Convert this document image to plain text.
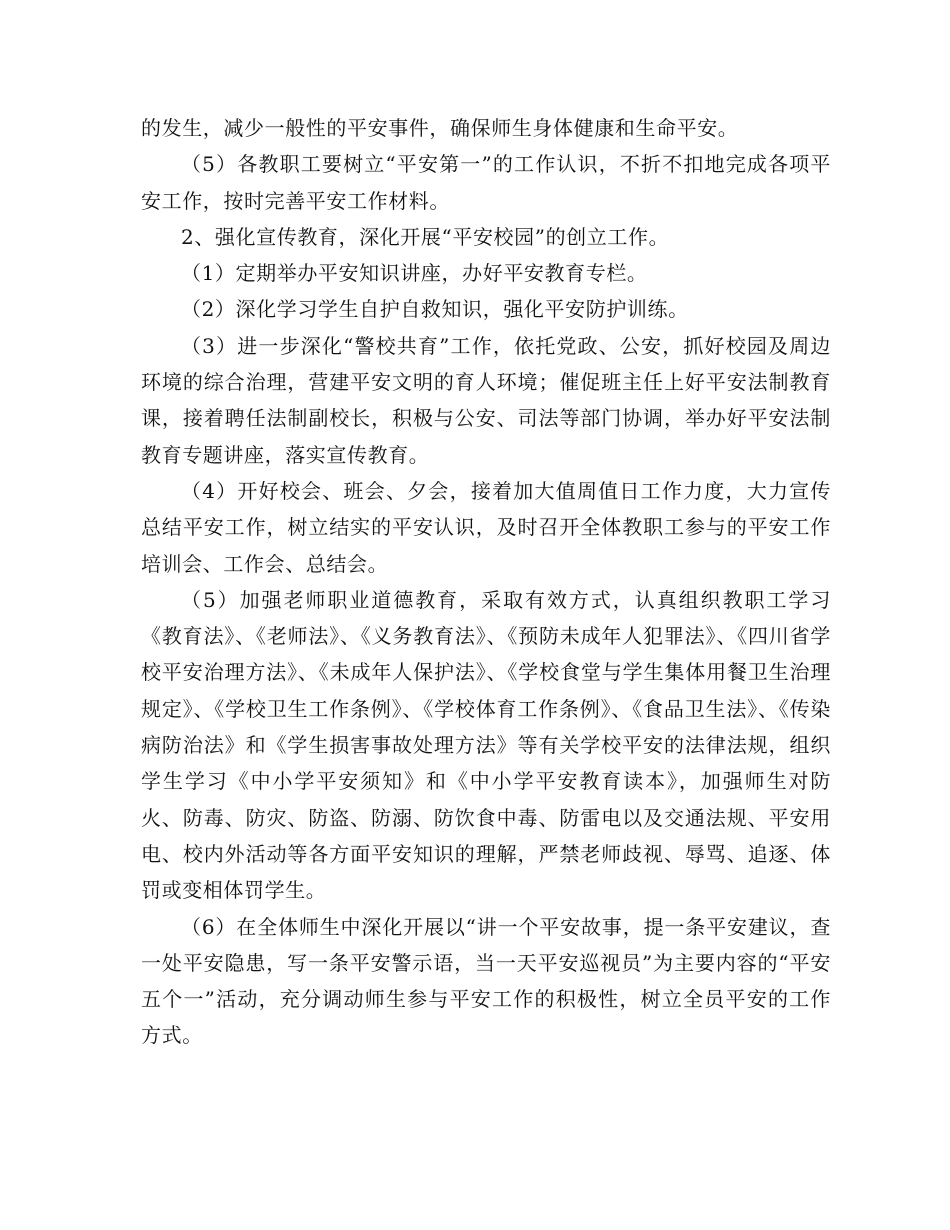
的发生，减少一般性的平安事件，确保师生身体健康和生命平安。

（5）各教职工要树立“平安第一”的工作认识，不折不扣地完成各项平安工作，按时完善平安工作材料。

2、强化宣传教育，深化开展“平安校园”的创立工作。

（1）定期举办平安知识讲座，办好平安教育专栏。

（2）深化学习学生自护自救知识，强化平安防护训练。

（3）进一步深化“警校共育”工作，依托党政、公安，抓好校园及周边环境的综合治理，营建平安文明的育人环境；催促班主任上好平安法制教育课，接着聘任法制副校长，积极与公安、司法等部门协调，举办好平安法制教育专题讲座，落实宣传教育。

（4）开好校会、班会、夕会，接着加大值周值日工作力度，大力宣传总结平安工作，树立结实的平安认识，及时召开全体教职工参与的平安工作培训会、工作会、总结会。

（5）加强老师职业道德教育，采取有效方式，认真组织教职工学习《教育法》、《老师法》、《义务教育法》、《预防未成年人犯罪法》、《四川省学校平安治理方法》、《未成年人保护法》、《学校食堂与学生集体用餐卫生治理规定》、《学校卫生工作条例》、《学校体育工作条例》、《食品卫生法》、《传染病防治法》和《学生损害事故处理方法》等有关学校平安的法律法规，组织学生学习《中小学平安须知》和《中小学平安教育读本》，加强师生对防火、防毒、防灾、防盗、防溺、防饮食中毒、防雷电以及交通法规、平安用电、校内外活动等各方面平安知识的理解，严禁老师歧视、辱骂、追逐、体罚或变相体罚学生。

（6）在全体师生中深化开展以“讲一个平安故事，提一条平安建议，查一处平安隐患，写一条平安警示语，当一天平安巡视员”为主要内容的“平安五个一”活动，充分调动师生参与平安工作的积极性，树立全员平安的工作方式。
